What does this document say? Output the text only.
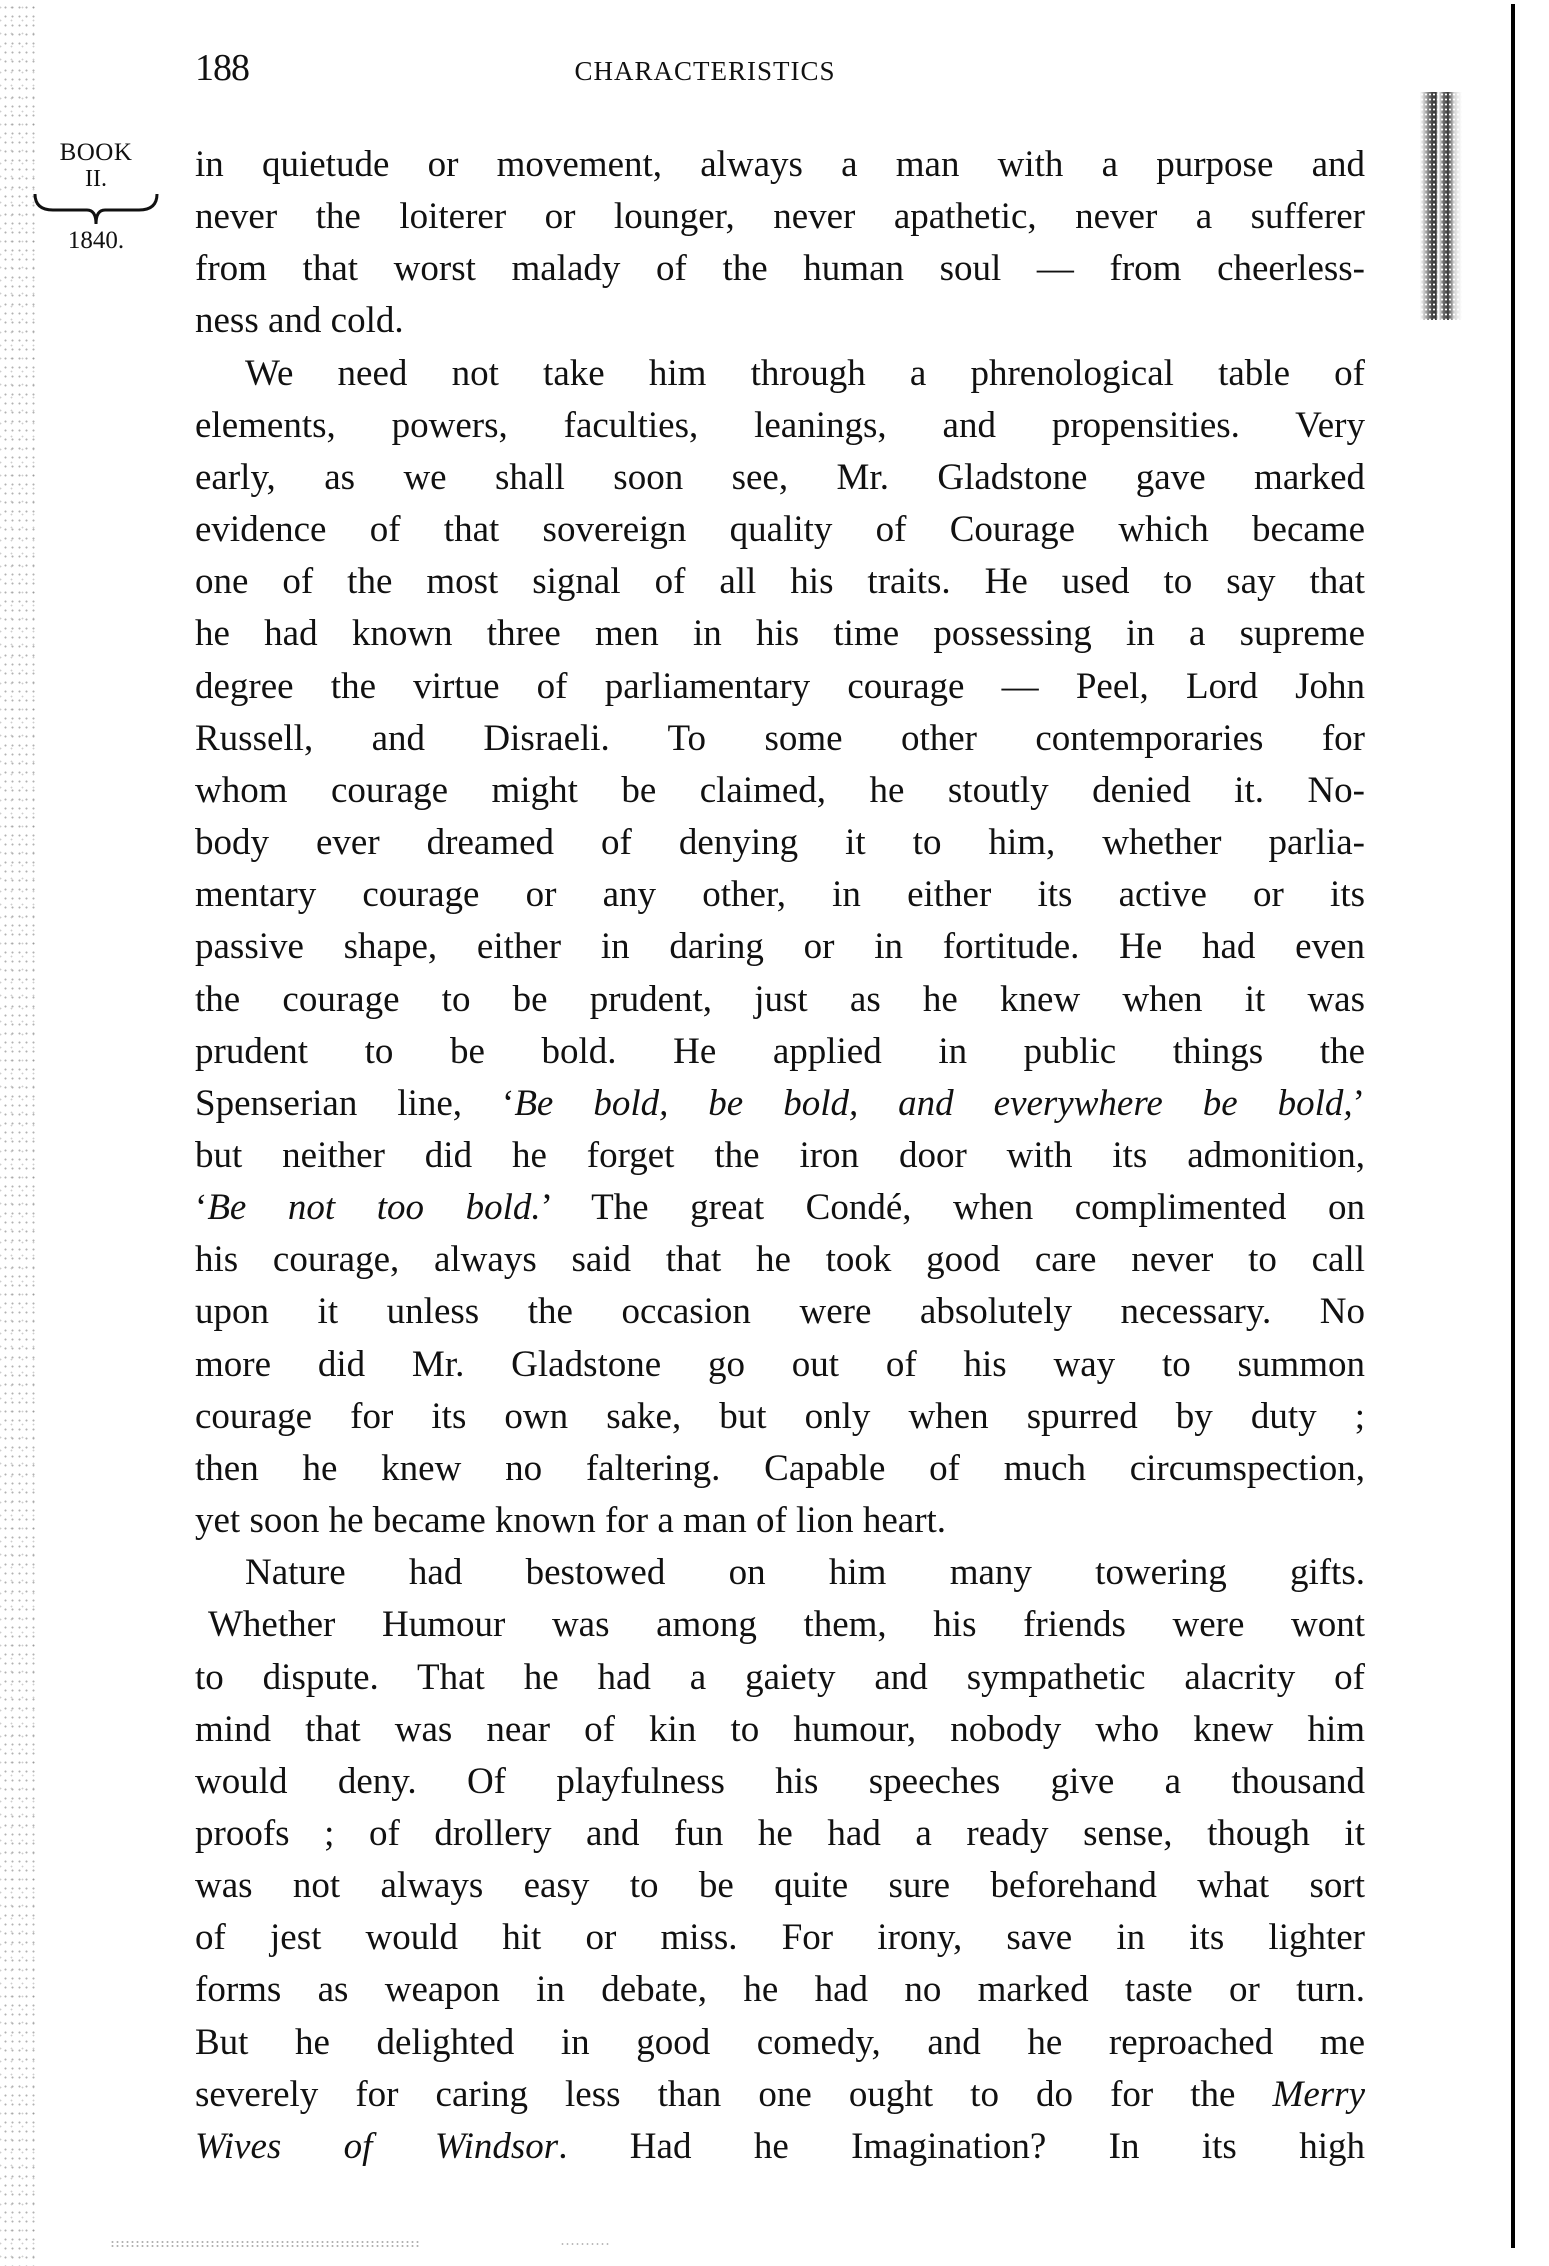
188	CHARACTERISTICS
BOOK
II.
1840.
in quietude or movement, always a man with a purpose and
never the loiterer or lounger, never apathetic, never a sufferer
from that worst malady of the human soul — from cheerless-
ness and cold.
We need not take him through a phrenological table of
elements, powers, faculties, leanings, and propensities. Very
early, as we shall soon see, Mr. Gladstone gave marked
evidence of that sovereign quality of Courage which became
one of the most signal of all his traits. He used to say that
he had known three men in his time possessing in a supreme
degree the virtue of parliamentary courage — Peel, Lord John
Russell, and Disraeli. To some other contemporaries for
whom courage might be claimed, he stoutly denied it. No-
body ever dreamed of denying it to him, whether parlia-
mentary courage or any other, in either its active or its
passive shape, either in daring or in fortitude. He had even
the courage to be prudent, just as he knew when it was
prudent to be bold. He applied in public things the
Spenserian line, ‘Be bold, be bold, and everywhere be bold,’
but neither did he forget the iron door with its admonition,
‘Be not too bold.’ The great Condé, when complimented on
his courage, always said that he took good care never to call
upon it unless the occasion were absolutely necessary. No
more did Mr. Gladstone go out of his way to summon
courage for its own sake, but only when spurred by duty ;
then he knew no faltering. Capable of much circumspection,
yet soon he became known for a man of lion heart.
Nature had bestowed on him many towering gifts.
Whether Humour was among them, his friends were wont
to dispute. That he had a gaiety and sympathetic alacrity of
mind that was near of kin to humour, nobody who knew him
would deny. Of playfulness his speeches give a thousand
proofs ; of drollery and fun he had a ready sense, though it
was not always easy to be quite sure beforehand what sort
of jest would hit or miss. For irony, save in its lighter
forms as weapon in debate, he had no marked taste or turn.
But he delighted in good comedy, and he reproached me
severely for caring less than one ought to do for the Merry
Wives of Windsor. Had he Imagination? In its high
